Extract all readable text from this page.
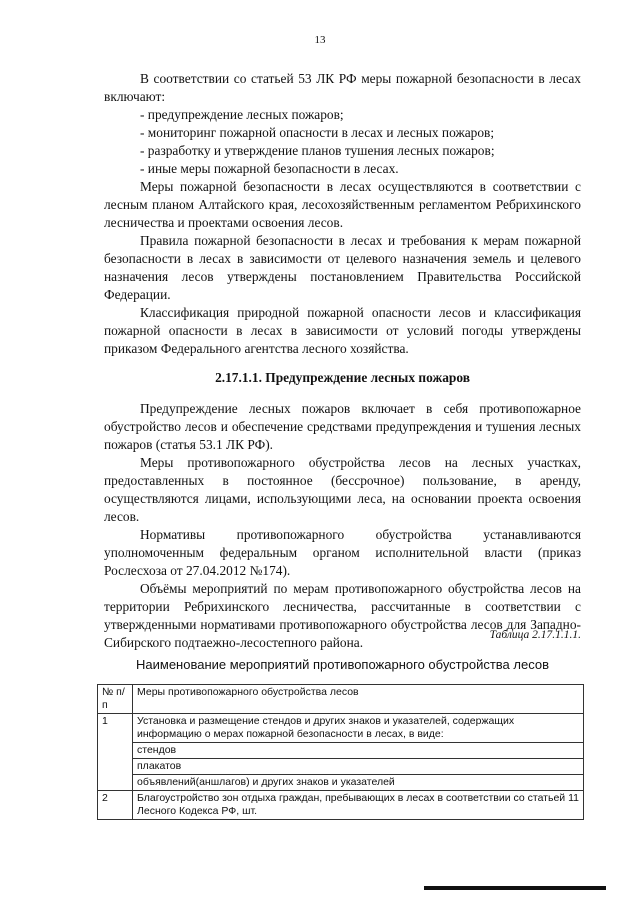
13

В соответствии со статьей 53 ЛК РФ меры пожарной безопасности в лесах включают:

- предупреждение лесных пожаров;

- мониторинг пожарной опасности в лесах и лесных пожаров;

- разработку и утверждение планов тушения лесных пожаров;

- иные меры пожарной безопасности в лесах.

Меры пожарной безопасности в лесах осуществляются в соответствии с лесным планом Алтайского края, лесохозяйственным регламентом Ребрихинского лесничества и проектами освоения лесов.

Правила пожарной безопасности в лесах и требования к мерам пожарной безопасности в лесах в зависимости от целевого назначения земель и целевого назначения лесов утверждены постановлением Правительства Российской Федерации.

Классификация природной пожарной опасности лесов и классификация пожарной опасности в лесах в зависимости от условий погоды утверждены приказом Федерального агентства лесного хозяйства.

2.17.1.1. Предупреждение лесных пожаров

Предупреждение лесных пожаров включает в себя противопожарное обустройство лесов и обеспечение средствами предупреждения и тушения лесных пожаров (статья 53.1 ЛК РФ).

Меры противопожарного обустройства лесов на лесных участках, предоставленных в постоянное (бессрочное) пользование, в аренду, осуществляются лицами, использующими леса, на основании проекта освоения лесов.

Нормативы противопожарного обустройства устанавливаются уполномоченным федеральным органом исполнительной власти (приказ Рослесхоза от 27.04.2012 №174).

Объёмы мероприятий по мерам противопожарного обустройства лесов на территории Ребрихинского лесничества, рассчитанные в соответствии с утвержденными нормативами противопожарного обустройства лесов для Западно-Сибирского подтаежно-лесостепного района.	Таблица 2.17.1.1.1.
Наименование мероприятий противопожарного обустройства лесов
№ п/п	Меры противопожарного обустройства лесов
1	Установка и размещение стендов и других знаков и указателей, содержащих информацию о мерах пожарной безопасности в лесах, в виде:
	стендов
	плакатов
	объявлений(аншлагов) и других знаков и указателей
2	Благоустройство зон отдыха граждан, пребывающих в лесах в соответствии со статьей 11 Лесного Кодекса РФ, шт.
